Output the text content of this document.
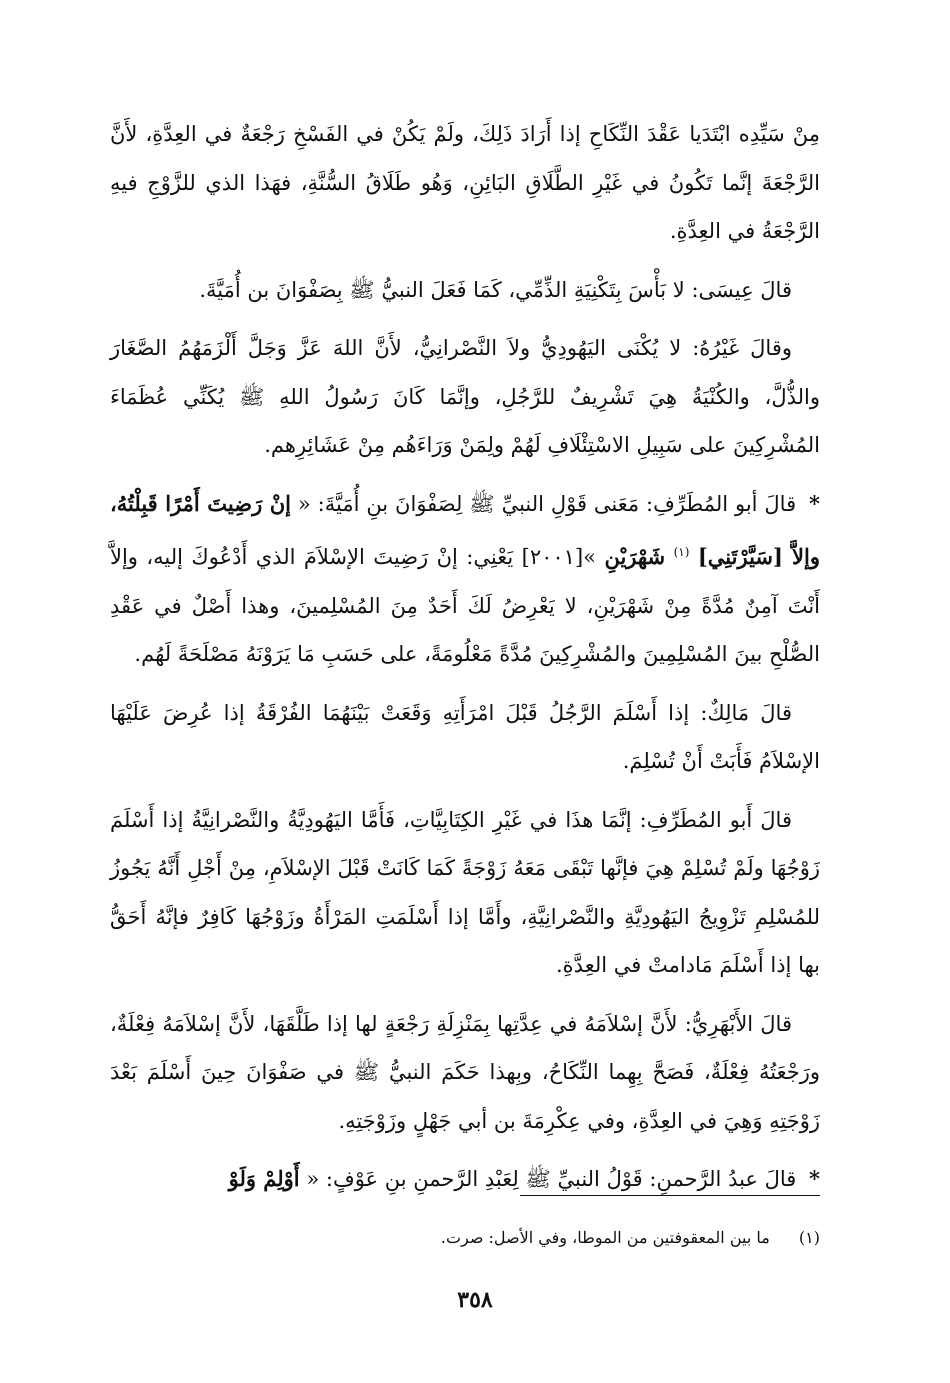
مِنْ سَيِّدِه ابْتَدَيا عَقْدَ النِّكَاحِ إذا أَرَادَ ذَلِكَ، ولَمْ يَكُنْ في الفَسْخِ رَجْعَةٌ في العِدَّةِ، لأَنَّ الرَّجْعَةَ إنَّما تَكُونُ في غَيْرِ الطَّلَاقِ البَائِنِ، وَهُو طَلَاقُ السُّنَّةِ، فهَذا الذي للزَّوْجِ فيهِ الرَّجْعَةُ في العِدَّةِ.

قالَ عِيسَى: لا بَأْسَ بِتَكْنِيَةِ الذِّمِّي، كَمَا فَعَلَ النبيُّ ﷺ بِصَفْوَانَ بن أُمَيَّةَ.

وقالَ غَيْرُهُ: لا يُكْنَى اليَهُودِيُّ ولاَ النَّصْرانِيُّ، لأَنَّ اللهَ عَزَّ وَجَلَّ أَلْزَمَهُمُ الصَّغَارَ والذُّلَّ، والكُنْيَةُ هِيَ تَشْرِيفٌ للرَّجُلِ، وإنَّمَا كَانَ رَسُولُ اللهِ ﷺ يُكَنِّي عُظَمَاءَ المُشْرِكِينَ على سَبِيلِ الاسْتِئْلَافِ لَهُمْ ولِمَنْ وَرَاءَهُم مِنْ عَشَائِرِهم.

* قالَ أبو المُطَرِّفِ: مَعَنى قَوْلِ النبيِّ ﷺ لِصَفْوَانَ بنِ أُمَيَّةَ: « إنْ رَضِيتَ أَمْرًا قَبِلْتُهُ، وإلاَّ [سَيَّرْتَنِي] $^{(١)}$ شَهْرَيْنِ »[٢٠٠١] يَعْنِي: إنْ رَضِيتَ الإسْلاَمَ الذي أَدْعُوكَ إليه، وإلاَّ أَنْتَ آمِنٌ مُدَّةً مِنْ شَهْرَيْنِ، لا يَعْرِضُ لَكَ أَحَدٌ مِنَ المُسْلِمينَ، وهذا أَصْلٌ في عَقْدِ الصُّلْحِ بينَ المُسْلِمِينَ والمُشْرِكِينَ مُدَّةً مَعْلُومَةً، على حَسَبِ مَا يَرَوْنَهُ مَصْلَحَةً لَهُم.

قالَ مَالِكٌ: إذا أَسْلَمَ الرَّجُلُ قَبْلَ امْرَأَتِهِ وَقَعَتْ بَيْنَهُمَا الفُرْقَةُ إذا عُرِضَ عَلَيْهَا الإسْلاَمُ فَأَبَتْ أَنْ تُسْلِمَ.

قالَ أَبو المُطَرِّفِ: إنَّمَا هذَا في غَيْرِ الكِتَابِيَّاتِ، فَأَمَّا اليَهُودِيَّةُ والنَّصْرانِيَّةُ إذا أَسْلَمَ زَوْجُهَا ولَمْ تُسْلِمْ هِيَ فإنَّها تَبْقَى مَعَهُ زَوْجَةً كَمَا كَانَتْ قَبْلَ الإسْلاَمِ، مِنْ أَجْلِ أَنَّهُ يَجُوزُ للمُسْلِمِ تَزْوِيجُ اليَهُودِيَّةِ والنَّصْرانِيَّةِ، وأَمَّا إذا أَسْلَمَتِ المَرْأَةُ وزَوْجُهَا كَافِرٌ فإنَّهُ أَحَقُّ بها إذا أَسْلَمَ مَادامتْ في العِدَّةِ.

قالَ الأَبْهَرِيُّ: لأَنَّ إسْلاَمَهُ في عِدَّتِها بِمَنْزِلَةِ رَجْعَةٍ لها إذا طَلَّقَهَا، لأَنَّ إسْلاَمَهُ فِعْلَةٌ، ورَجْعَتُهُ فِعْلَةٌ، فَصَحَّ بِهِما النِّكَاحُ، وبِهذا حَكَمَ النبيُّ ﷺ في صَفْوَانَ حِينَ أَسْلَمَ بَعْدَ زَوْجَتِهِ وَهِيَ في العِدَّةِ، وفي عِكْرِمَةَ بن أبي جَهْلٍ وزَوْجَتِهِ.

* قالَ عبدُ الرَّحمنِ: قَوْلُ النبيِّ ﷺ لِعَبْدِ الرَّحمنِ بنِ عَوْفٍ: « أَوْلِمْ وَلَوْ

(١) ما بين المعقوفتين من الموطا، وفي الأصل: صرت.
٣٥٨
